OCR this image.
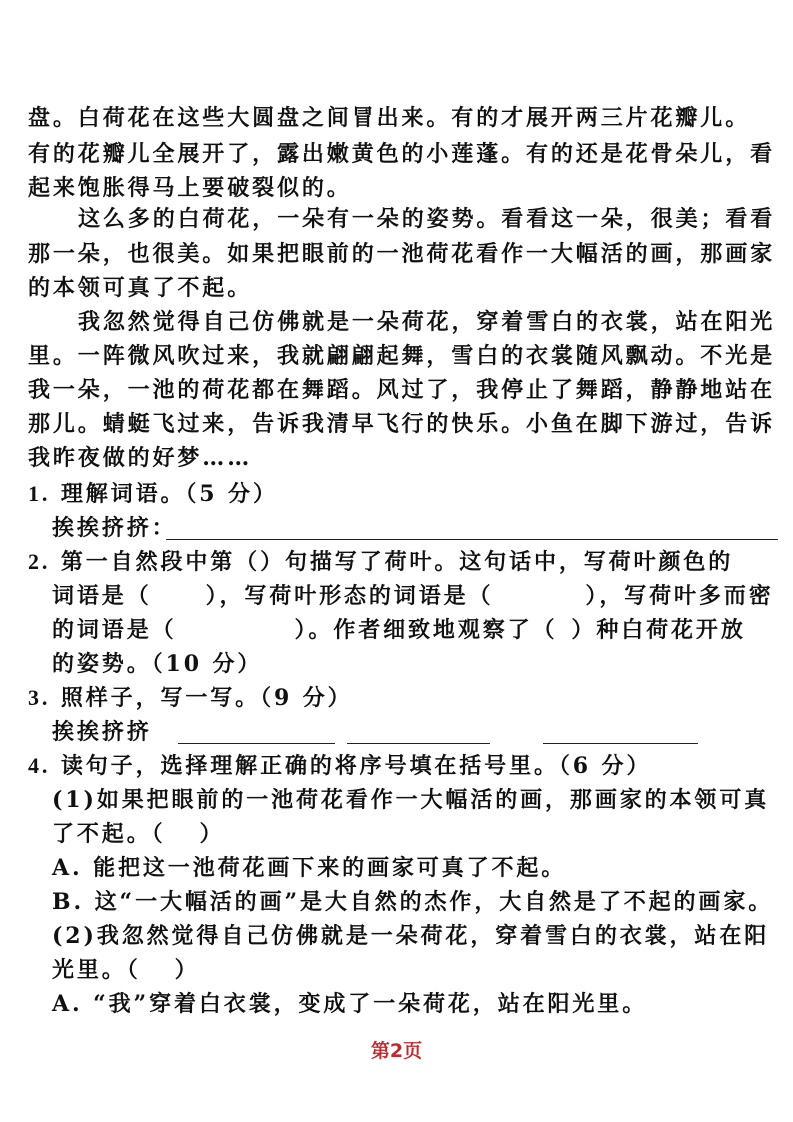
盘。白荷花在这些大圆盘之间冒出来。有的才展开两三片花瓣儿。
有的花瓣儿全展开了，露出嫩黄色的小莲蓬。有的还是花骨朵儿，看
起来饱胀得马上要破裂似的。
这么多的白荷花，一朵有一朵的姿势。看看这一朵，很美；看看
那一朵，也很美。如果把眼前的一池荷花看作一大幅活的画，那画家
的本领可真了不起。
我忽然觉得自己仿佛就是一朵荷花，穿着雪白的衣裳，站在阳光
里。一阵微风吹过来，我就翩翩起舞，雪白的衣裳随风飘动。不光是
我一朵，一池的荷花都在舞蹈。风过了，我停止了舞蹈，静静地站在
那儿。蜻蜓飞过来，告诉我清早飞行的快乐。小鱼在脚下游过，告诉
我昨夜做的好梦……
1. 理解词语。（5 分）
挨挨挤挤：
2. 第一自然段中第（）句描写了荷叶。这句话中，写荷叶颜色的
词语是（ ），写荷叶形态的词语是（	），写荷叶多而密
的词语是（	）。作者细致地观察了（ ）种白荷花开放
的姿势。（10 分）
3. 照样子，写一写。（9 分）
挨挨挤挤
4. 读句子，选择理解正确的将序号填在括号里。（6 分）
(1)如果把眼前的一池荷花看作一大幅活的画，那画家的本领可真
了不起。（ ）
A. 能把这一池荷花画下来的画家可真了不起。
B. 这“一大幅活的画”是大自然的杰作，大自然是了不起的画家。
(2)我忽然觉得自己仿佛就是一朵荷花，穿着雪白的衣裳，站在阳
光里。（ ）
A. “我”穿着白衣裳，变成了一朵荷花，站在阳光里。
第2页
